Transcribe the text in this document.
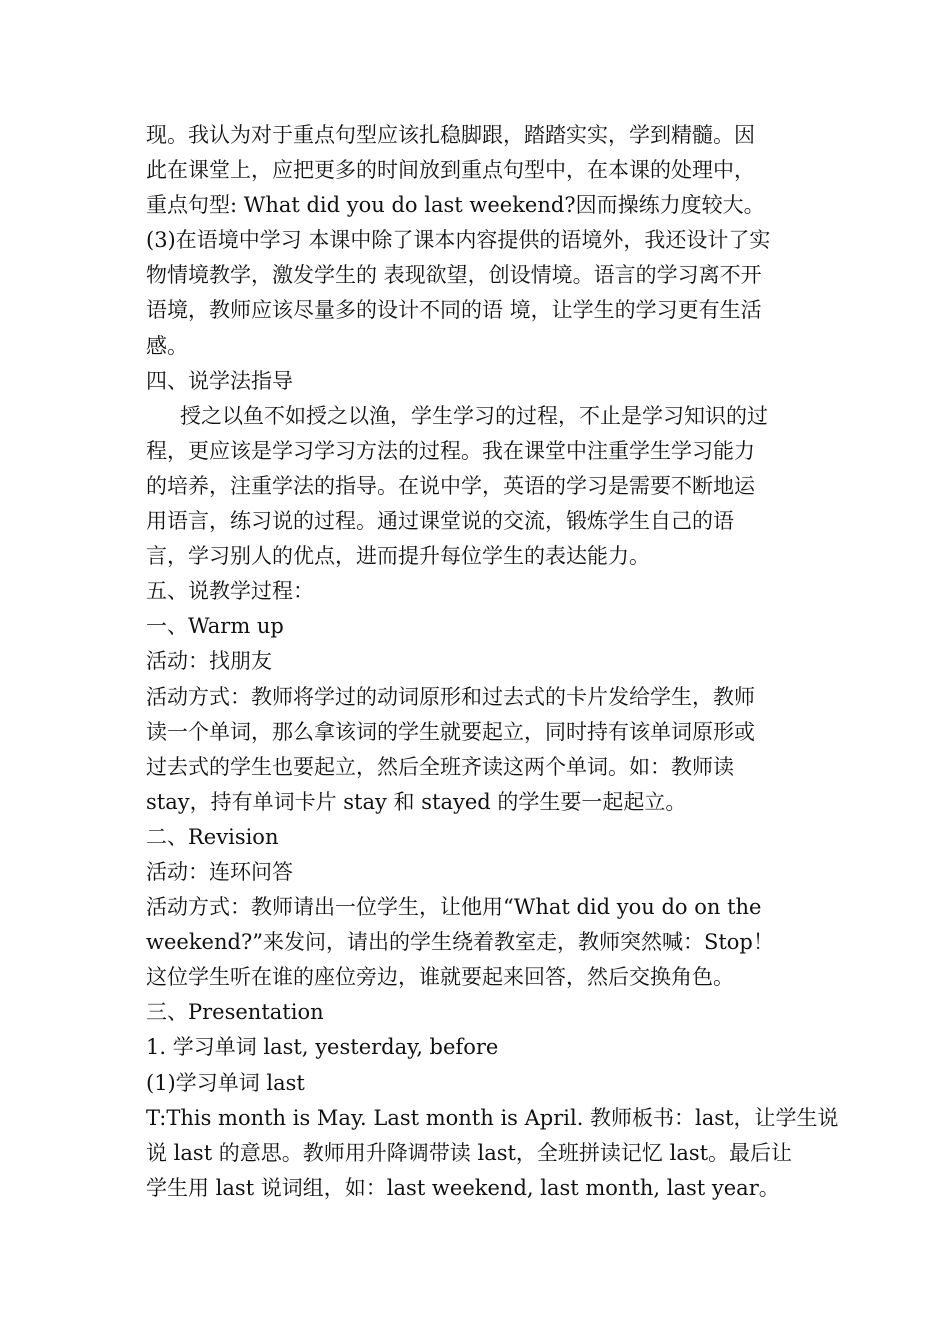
现。我认为对于重点句型应该扎稳脚跟，踏踏实实，学到精髓。因
此在课堂上，应把更多的时间放到重点句型中，在本课的处理中，
重点句型: What did you do last weekend?因而操练力度较大。
(3)在语境中学习 本课中除了课本内容提供的语境外，我还设计了实
物情境教学，激发学生的 表现欲望，创设情境。语言的学习离不开
语境，教师应该尽量多的设计不同的语 境，让学生的学习更有生活
感。
四、说学法指导
授之以鱼不如授之以渔，学生学习的过程，不止是学习知识的过
程，更应该是学习学习方法的过程。我在课堂中注重学生学习能力
的培养，注重学法的指导。在说中学，英语的学习是需要不断地运
用语言，练习说的过程。通过课堂说的交流，锻炼学生自己的语
言，学习别人的优点，进而提升每位学生的表达能力。
五、说教学过程：
一、Warm up
活动：找朋友
活动方式：教师将学过的动词原形和过去式的卡片发给学生，教师
读一个单词，那么拿该词的学生就要起立，同时持有该单词原形或
过去式的学生也要起立，然后全班齐读这两个单词。如：教师读
stay，持有单词卡片 stay 和 stayed 的学生要一起起立。
二、Revision
活动：连环问答
活动方式：教师请出一位学生，让他用“What did you do on the
weekend?”来发问，请出的学生绕着教室走，教师突然喊：Stop！
这位学生听在谁的座位旁边，谁就要起来回答，然后交换角色。
三、Presentation
1. 学习单词 last, yesterday, before
(1)学习单词 last
T:This month is May. Last month is April. 教师板书：last，让学生说
说 last 的意思。教师用升降调带读 last，全班拼读记忆 last。最后让
学生用 last 说词组，如：last weekend, last month, last year。
